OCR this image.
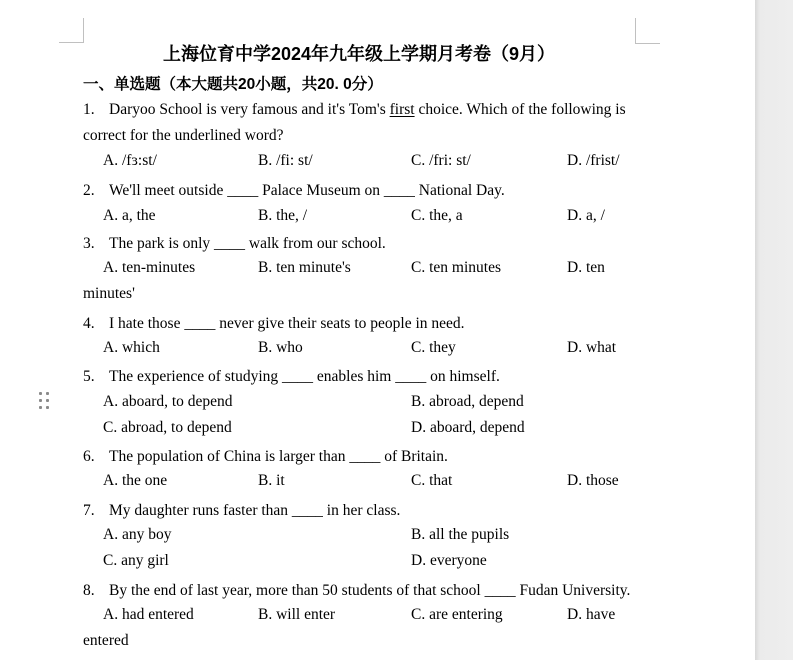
上海位育中学2024年九年级上学期月考卷（9月）
一、单选题（本大题共20小题，共20. 0分）
1. Daryoo School is very famous and it's Tom's first choice. Which of the following is
correct for the underlined word?
A. /fɜ:st/	B. /fi: st/	C. /fri: st/	D. /frist/
2. We'll meet outside ____ Palace Museum on ____ National Day.
A. a, the	B. the, /	C. the, a	D. a, /
3. The park is only ____ walk from our school.
A. ten-minutes	B. ten minute's	C. ten minutes	D. ten
minutes'
4. I hate those ____ never give their seats to people in need.
A. which	B. who	C. they	D. what
5. The experience of studying ____ enables him ____ on himself.
A. aboard, to depend	B. abroad, depend
C. abroad, to depend	D. aboard, depend
6. The population of China is larger than ____ of Britain.
A. the one	B. it	C. that	D. those
7. My daughter runs faster than ____ in her class.
A. any boy	B. all the pupils
C. any girl	D. everyone
8. By the end of last year, more than 50 students of that school ____ Fudan University.
A. had entered	B. will enter	C. are entering	D. have
entered
